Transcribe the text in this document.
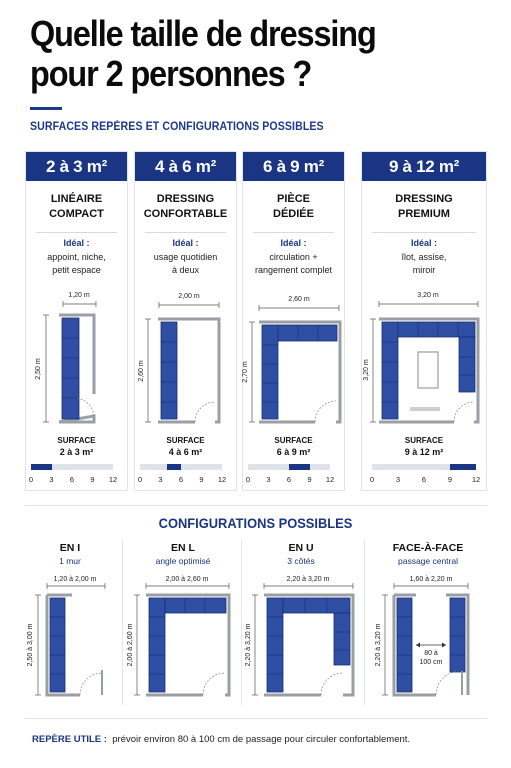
Quelle taille de dressing
pour 2 personnes ?
SURFACES REPÈRES ET CONFIGURATIONS POSSIBLES
2 à 3 m²
LINÉAIRE
COMPACT
Idéal :
appoint, niche,
petit espace
1,20 m
2,50 m
SURFACE
2 à 3 m²
0 3 6 9 12
4 à 6 m²
DRESSING
CONFORTABLE
Idéal :
usage quotidien
à deux
2,00 m
2,60 m
SURFACE
4 à 6 m²
0 3 6 9 12
6 à 9 m²
PIÈCE
DÉDIÉE
Idéal :
circulation +
rangement complet
2,60 m
2,70 m
SURFACE
6 à 9 m²
0 3 6 9 12
9 à 12 m²
DRESSING
PREMIUM
Idéal :
îlot, assise,
miroir
3,20 m
3,20 m
SURFACE
9 à 12 m²
0	3	6	9	12
CONFIGURATIONS POSSIBLES
EN I
1 mur
1,20 à 2,00 m
2,50 à 3,00 m
EN L
angle optimisé
2,00 à 2,60 m
2,00 à 2,60 m
EN U
3 côtés
2,20 à 3,20 m
2,20 à 3,20 m
FACE-À-FACE
passage central
1,60 à 2,20 m
2,20 à 3,20 m	80 à
100 cm
REPÈRE UTILE : prévoir environ 80 à 100 cm de passage pour circuler confortablement.
